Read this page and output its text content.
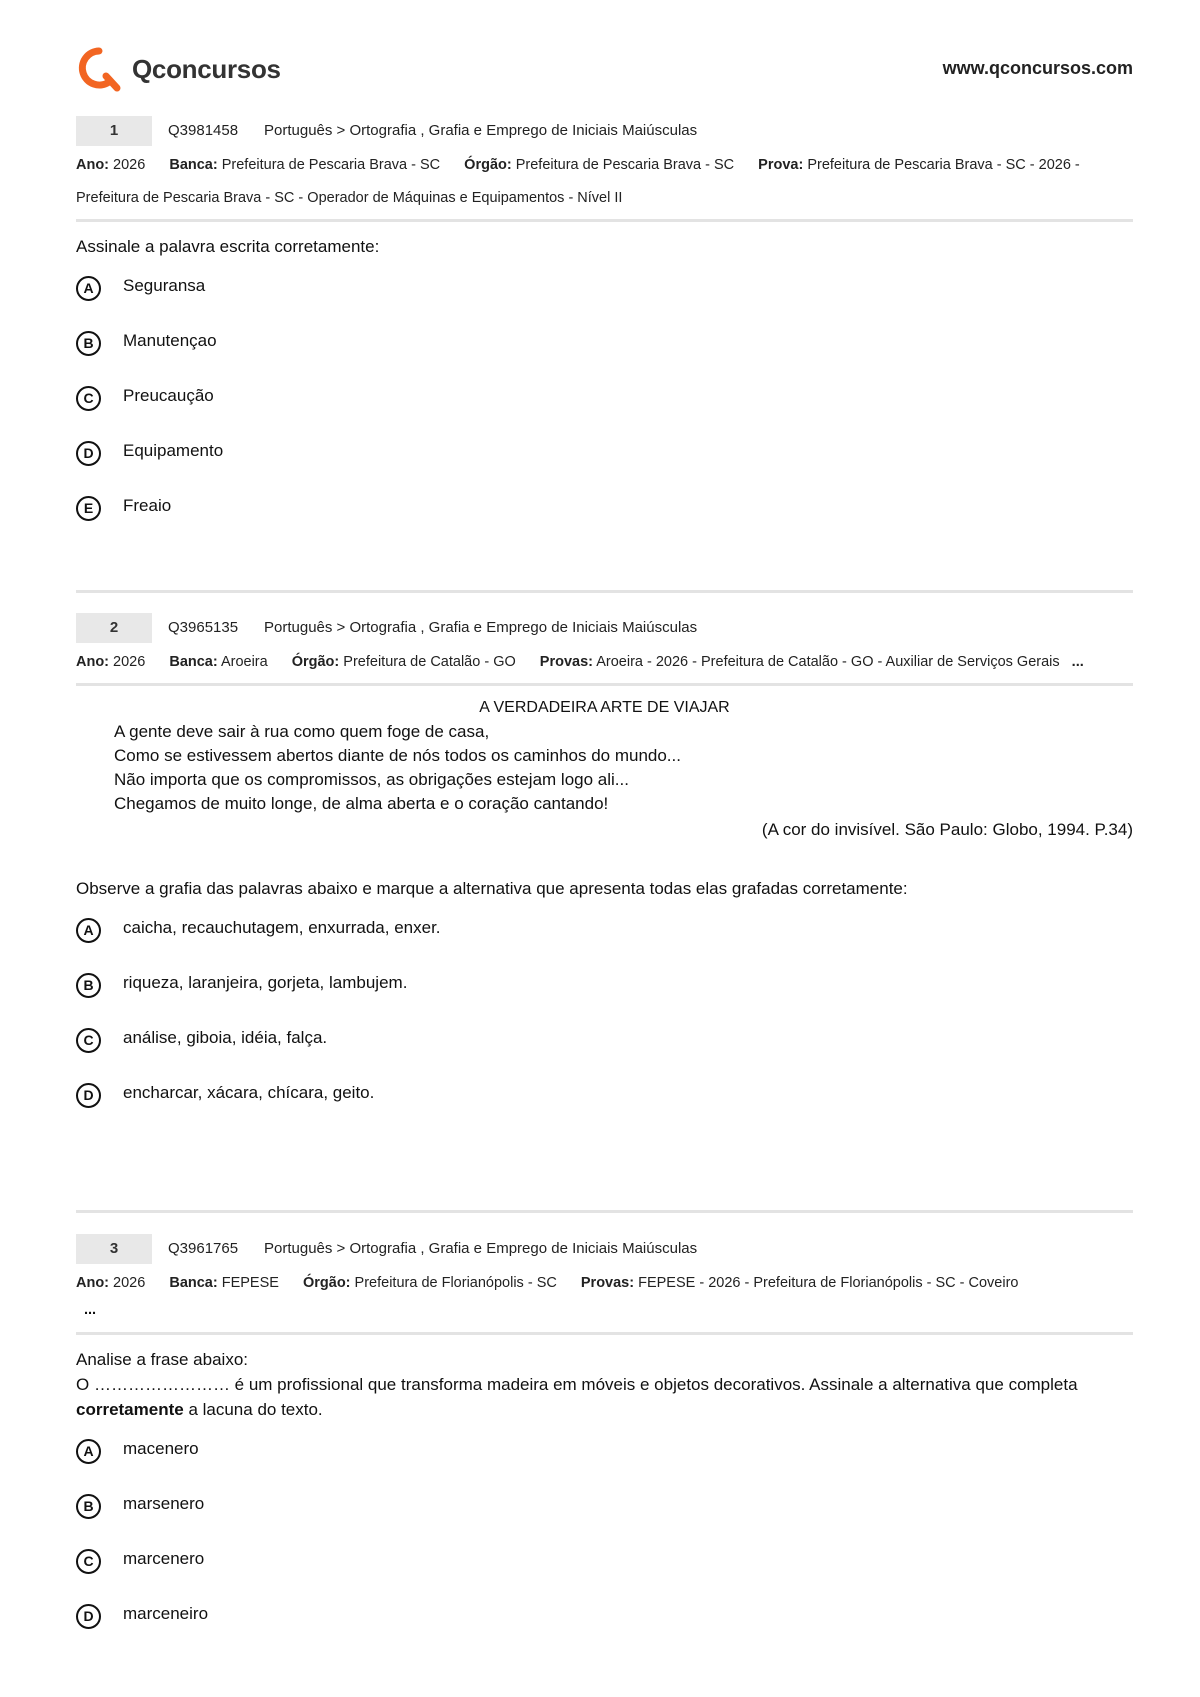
Qconcursos	www.qconcursos.com
1	Q3981458 Português > Ortografia , Grafia e Emprego de Iniciais Maiúsculas
Ano: 2026 Banca: Prefeitura de Pescaria Brava - SC Órgão: Prefeitura de Pescaria Brava - SC Prova: Prefeitura de Pescaria Brava - SC - 2026 - Prefeitura de Pescaria Brava - SC - Operador de Máquinas e Equipamentos - Nível II
Assinale a palavra escrita corretamente:
A	Seguransa
B	Manutençao
C	Preucaução
D	Equipamento
E	Freaio
2	Q3965135 Português > Ortografia , Grafia e Emprego de Iniciais Maiúsculas
Ano: 2026 Banca: Aroeira Órgão: Prefeitura de Catalão - GO Provas: Aroeira - 2026 - Prefeitura de Catalão - GO - Auxiliar de Serviços Gerais ...
A VERDADEIRA ARTE DE VIAJAR
A gente deve sair à rua como quem foge de casa,
Como se estivessem abertos diante de nós todos os caminhos do mundo...
Não importa que os compromissos, as obrigações estejam logo ali...
Chegamos de muito longe, de alma aberta e o coração cantando!
(A cor do invisível. São Paulo: Globo, 1994. P.34)
Observe a grafia das palavras abaixo e marque a alternativa que apresenta todas elas grafadas corretamente:
A	caicha, recauchutagem, enxurrada, enxer.
B	riqueza, laranjeira, gorjeta, lambujem.
C	análise, giboia, idéia, falça.
D	encharcar, xácara, chícara, geito.
3	Q3961765 Português > Ortografia , Grafia e Emprego de Iniciais Maiúsculas
Ano: 2026 Banca: FEPESE Órgão: Prefeitura de Florianópolis - SC Provas: FEPESE - 2026 - Prefeitura de Florianópolis - SC - Coveiro
...
Analise a frase abaixo:
O …………………… é um profissional que transforma madeira em móveis e objetos decorativos. Assinale a alternativa que completa corretamente a lacuna do texto.
A	macenero
B	marsenero
C	marcenero
D	marceneiro
